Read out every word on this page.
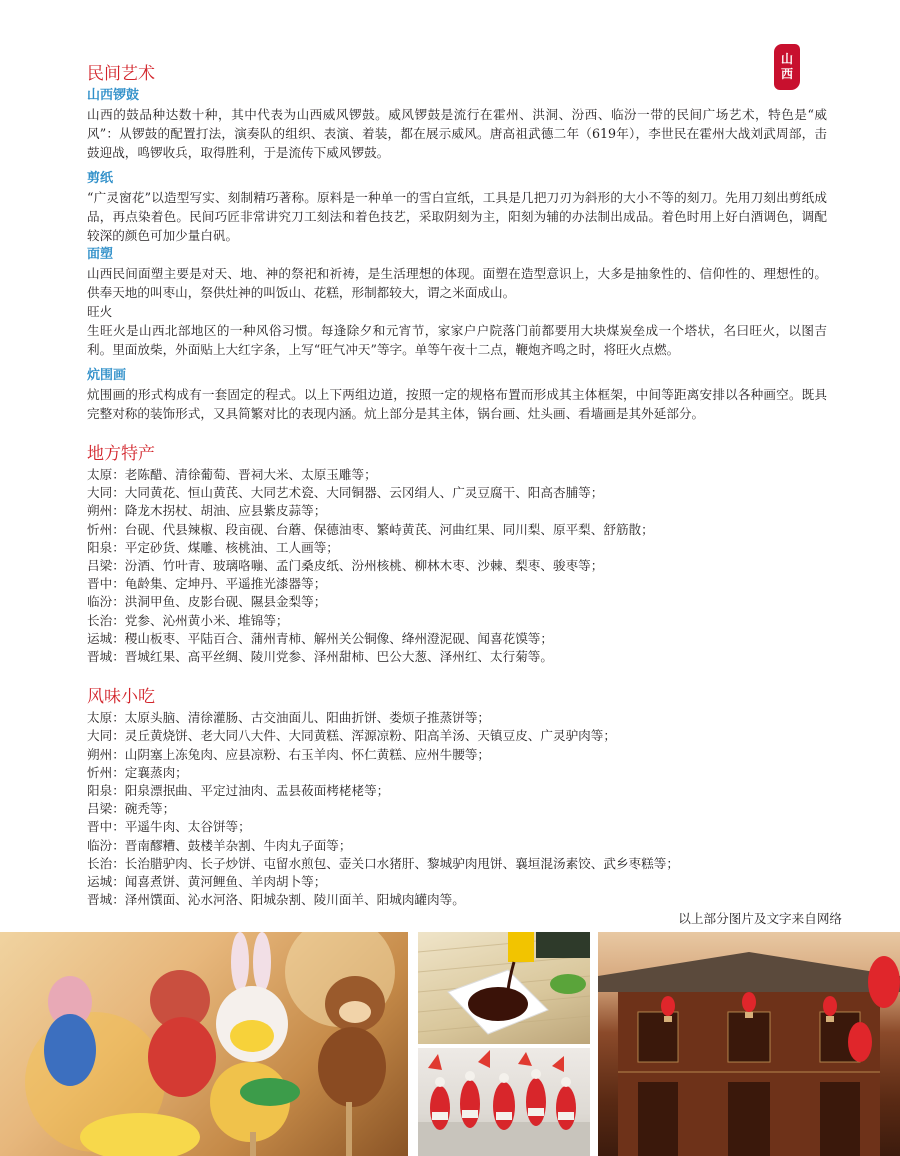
山
西
民间艺术
山西锣鼓

山西的鼓品种达数十种，其中代表为山西威风锣鼓。威风锣鼓是流行在霍州、洪洞、汾西、临汾一带的民间广场艺术，特色是“威风”：从锣鼓的配置打法，演奏队的组织、表演、着装，都在展示威风。唐高祖武德二年（619年），李世民在霍州大战刘武周部，击鼓迎战，鸣锣收兵，取得胜利，于是流传下威风锣鼓。

剪纸

“广灵窗花”以造型写实、刻制精巧著称。原料是一种单一的雪白宣纸，工具是几把刀刃为斜形的大小不等的刻刀。先用刀刻出剪纸成品，再点染着色。民间巧匠非常讲究刀工刻法和着色技艺，采取阴刻为主，阳刻为辅的办法制出成品。着色时用上好白酒调色，调配较深的颜色可加少量白矾。

面塑

山西民间面塑主要是对天、地、神的祭祀和祈祷，是生活理想的体现。面塑在造型意识上，大多是抽象性的、信仰性的、理想性的。供奉天地的叫枣山，祭供灶神的叫饭山、花糕，形制都较大，谓之米面成山。

旺火

生旺火是山西北部地区的一种风俗习惯。每逢除夕和元宵节，家家户户院落门前都要用大块煤炭垒成一个塔状，名曰旺火，以图吉利。里面放柴，外面贴上大红字条，上写“旺气冲天”等字。单等午夜十二点，鞭炮齐鸣之时，将旺火点燃。

炕围画

炕围画的形式构成有一套固定的程式。以上下两组边道，按照一定的规格布置而形成其主体框架，中间等距离安排以各种画空。既具完整对称的装饰形式，又具简繁对比的表现内涵。炕上部分是其主体，锅台画、灶头画、看墙画是其外延部分。

地方特产

太原：老陈醋、清徐葡萄、晋祠大米、太原玉雕等；

大同：大同黄花、恒山黄芪、大同艺术瓷、大同铜器、云冈绢人、广灵豆腐干、阳高杏脯等；

朔州：降龙木拐杖、胡油、应县紫皮蒜等；

忻州：台砚、代县辣椒、段亩砚、台蘑、保德油枣、繁峙黄芪、河曲红果、同川梨、原平梨、舒筋散；

阳泉：平定砂货、煤雕、核桃油、工人画等；

吕梁：汾酒、竹叶青、玻璃咯嘣、孟门桑皮纸、汾州核桃、柳林木枣、沙棘、梨枣、骏枣等；

晋中：龟龄集、定坤丹、平遥推光漆器等；

临汾：洪洞甲鱼、皮影台砚、隰县金梨等；

长治：党参、沁州黄小米、堆锦等；

运城：稷山板枣、平陆百合、蒲州青柿、解州关公铜像、绛州澄泥砚、闻喜花馍等；

晋城：晋城红果、高平丝绸、陵川党参、泽州甜柿、巴公大葱、泽州红、太行菊等。

风味小吃

太原：太原头脑、清徐灌肠、古交油面儿、阳曲折饼、娄烦子推蒸饼等；

大同：灵丘黄烧饼、老大同八大件、大同黄糕、浑源凉粉、阳高羊汤、天镇豆皮、广灵驴肉等；

朔州：山阴塞上冻兔肉、应县凉粉、右玉羊肉、怀仁黄糕、应州牛腰等；

忻州：定襄蒸肉；

阳泉：阳泉漂抿曲、平定过油肉、盂县莜面栲栳栳等；

吕梁：碗秃等；

晋中：平遥牛肉、太谷饼等；

临汾：晋南醪糟、鼓楼羊杂割、牛肉丸子面等；

长治：长治腊驴肉、长子炒饼、屯留水煎包、壶关口水猪肝、黎城驴肉甩饼、襄垣混汤素饺、武乡枣糕等；

运城：闻喜煮饼、黄河鲤鱼、羊肉胡卜等；

晋城：泽州馔面、沁水河洛、阳城杂割、陵川面羊、阳城肉罐肉等。

以上部分图片及文字来自网络
